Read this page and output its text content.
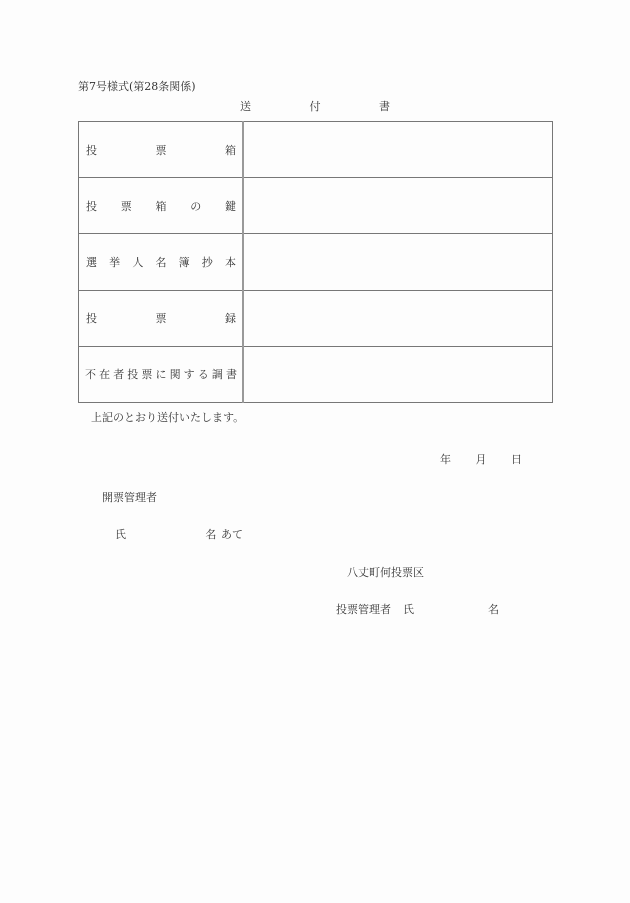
第7号様式(第28条関係)
送	付	書
投 票 箱	

投 票 箱 の 鍵	

選 挙 人 名 簿 抄 本

投 票 録	

不 在 者 投 票 に 関 す る 調 書

上記のとおり送付いたします。
年 月 日
開票管理者
氏	名 あて
八丈町何投票区
投票管理者 氏	名
